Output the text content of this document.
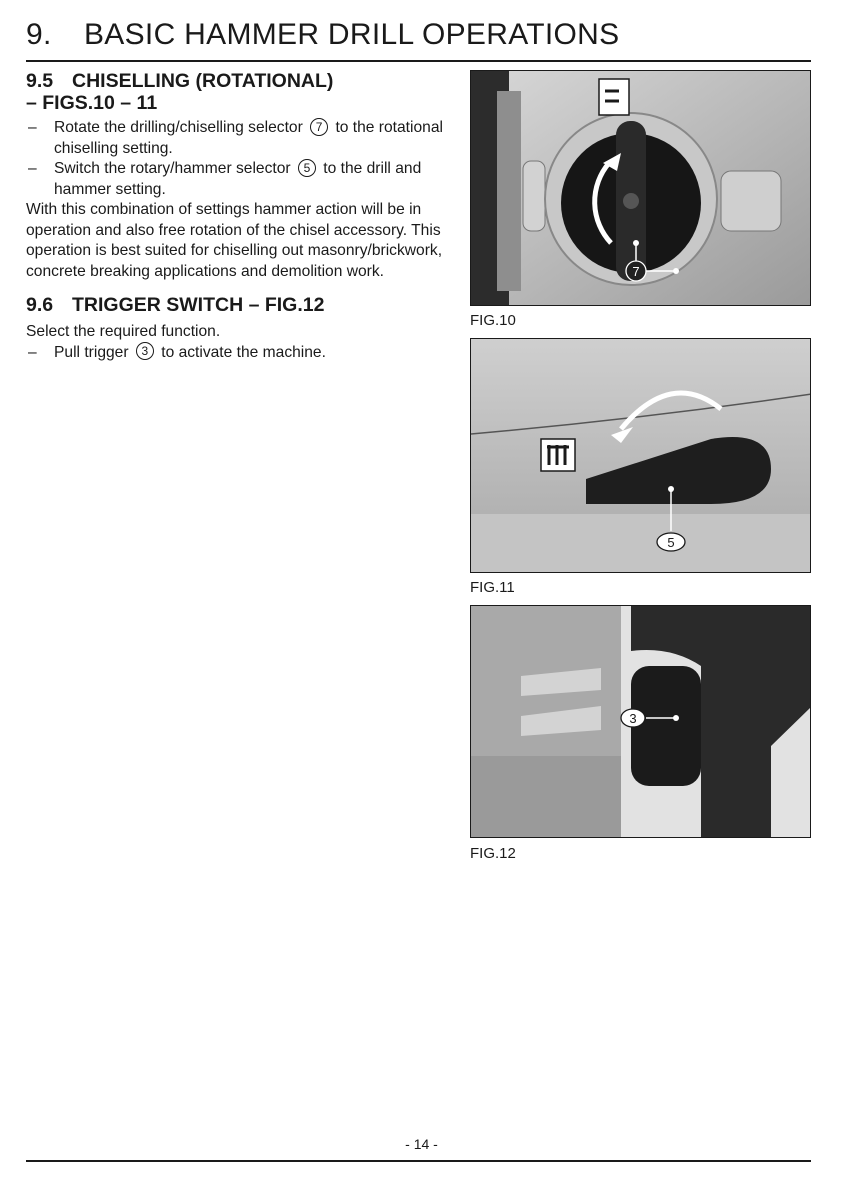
9. BASIC HAMMER DRILL OPERATIONS
9.5 CHISELLING (ROTATIONAL)
– FIGS.10 – 11
– Rotate the drilling/chiselling selector 7 to the rotational chiselling setting.
– Switch the rotary/hammer selector 5 to the drill and hammer setting.

With this combination of settings hammer action will be in operation and also free rotation of the chisel accessory. This operation is best suited for chiselling out masonry/brickwork, concrete breaking applications and demolition work.

9.6 TRIGGER SWITCH – FIG.12

Select the required function.

– Pull trigger 3 to activate the machine.
7
FIG.10
5
FIG.11
3
FIG.12
- 14 -
